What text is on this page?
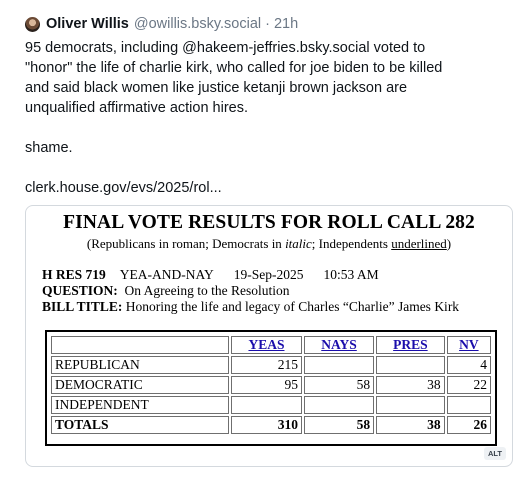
Oliver Willis @owillis.bsky.social · 21h

95 democrats, including @hakeem-jeffries.bsky.social voted to

"honor" the life of charlie kirk, who called for joe biden to be killed

and said black women like justice ketanji brown jackson are

unqualified affirmative action hires.

shame.

clerk.house.gov/evs/2025/rol...

FINAL VOTE RESULTS FOR ROLL CALL 282
(Republicans in roman; Democrats in italic; Independents underlined)
H RES 719 YEA-AND-NAY 19-Sep-2025 10:53 AM
QUESTION: On Agreeing to the Resolution
BILL TITLE: Honoring the life and legacy of Charles “Charlie” James Kirk
	YEAS	NAYS	PRES	NV
REPUBLICAN	215			4
DEMOCRATIC	95	58	38	22
INDEPENDENT				
TOTALS	310	58	38	26
ALT
